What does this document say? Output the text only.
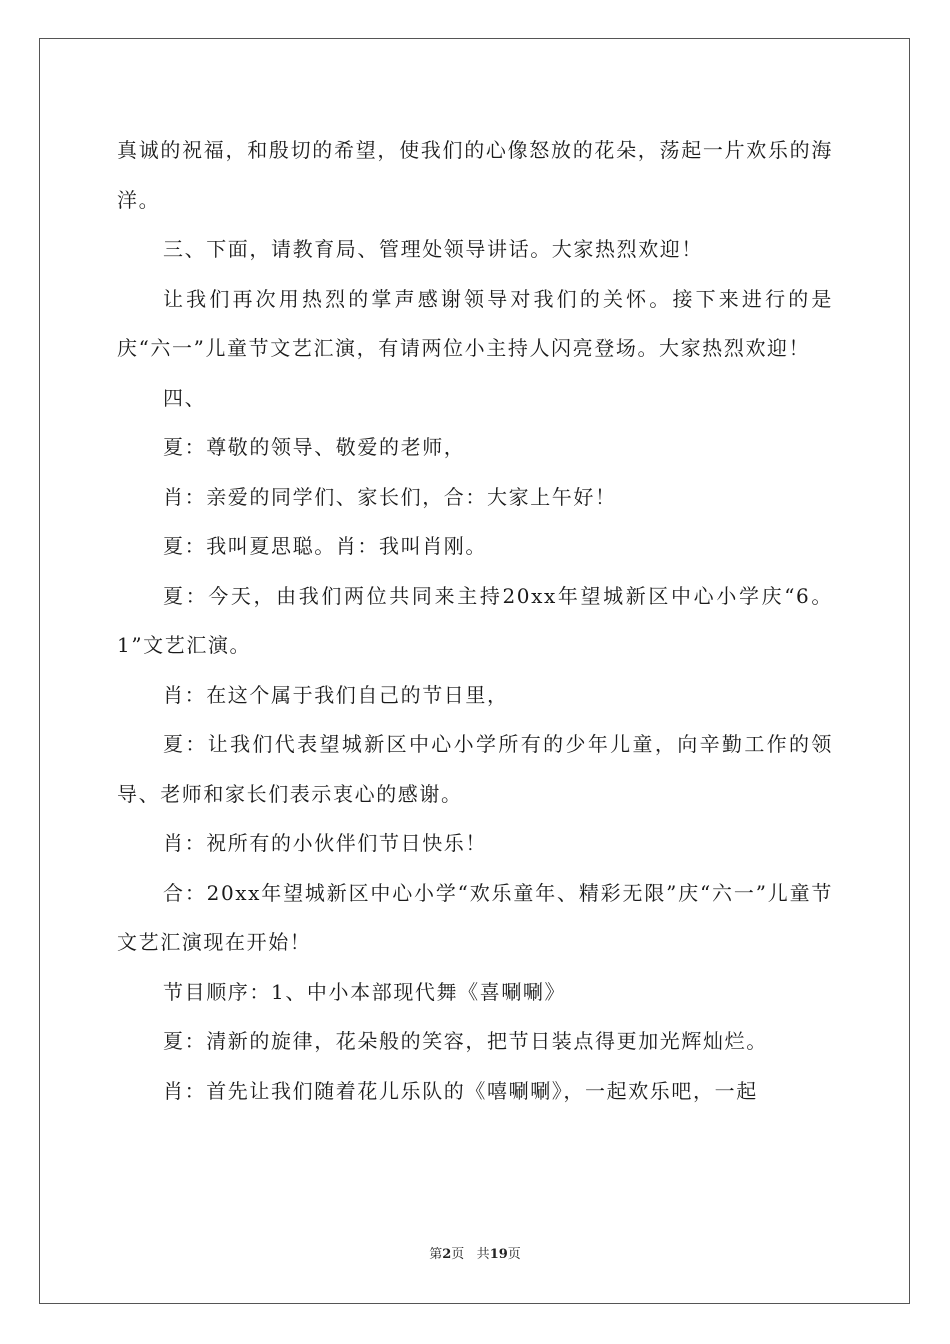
真诚的祝福，和殷切的希望，使我们的心像怒放的花朵，荡起一片欢乐的海洋。

三、下面，请教育局、管理处领导讲话。大家热烈欢迎！

让我们再次用热烈的掌声感谢领导对我们的关怀。接下来进行的是庆“六一”儿童节文艺汇演，有请两位小主持人闪亮登场。大家热烈欢迎！

四、

夏：尊敬的领导、敬爱的老师，

肖：亲爱的同学们、家长们，合：大家上午好！

夏：我叫夏思聪。肖：我叫肖刚。

夏：今天，由我们两位共同来主持20xx年望城新区中心小学庆“6。1”文艺汇演。

肖：在这个属于我们自己的节日里，

夏：让我们代表望城新区中心小学所有的少年儿童，向辛勤工作的领导、老师和家长们表示衷心的感谢。

肖：祝所有的小伙伴们节日快乐！

合：20xx年望城新区中心小学“欢乐童年、精彩无限”庆“六一”儿童节文艺汇演现在开始！

节目顺序：1、中小本部现代舞《喜唰唰》

夏：清新的旋律，花朵般的笑容，把节日装点得更加光辉灿烂。

肖：首先让我们随着花儿乐队的《嘻唰唰》，一起欢乐吧，一起

第2页 共19页
